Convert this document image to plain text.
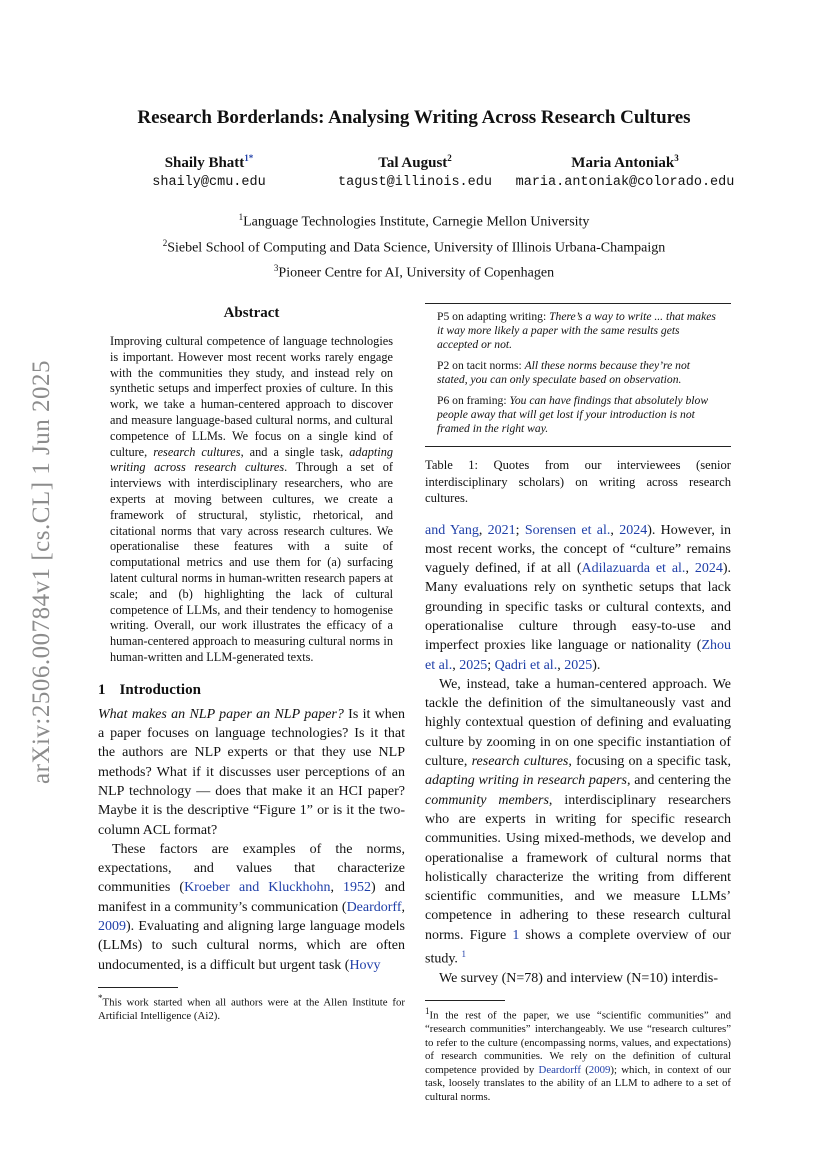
arXiv:2506.00784v1 [cs.CL] 1 Jun 2025
Research Borderlands: Analysing Writing Across Research Cultures
Shaily Bhatt$^{1*}$
shaily@cmu.edu
Tal August$^2$
tagust@illinois.edu
Maria Antoniak$^3$
maria.antoniak@colorado.edu
$^1$Language Technologies Institute, Carnegie Mellon University
$^2$Siebel School of Computing and Data Science, University of Illinois Urbana-Champaign
$^3$Pioneer Centre for AI, University of Copenhagen
Abstract
Improving cultural competence of language technologies is important. However most recent works rarely engage with the communities they study, and instead rely on synthetic setups and imperfect proxies of culture. In this work, we take a human-centered approach to discover and measure language-based cultural norms, and cultural competence of LLMs. We focus on a single kind of culture, research cultures, and a single task, adapting writing across research cultures. Through a set of interviews with interdisciplinary researchers, who are experts at moving between cultures, we create a framework of structural, stylistic, rhetorical, and citational norms that vary across research cultures. We operationalise these features with a suite of computational metrics and use them for (a) surfacing latent cultural norms in human-written research papers at scale; and (b) highlighting the lack of cultural competence of LLMs, and their tendency to homogenise writing. Overall, our work illustrates the efficacy of a human-centered approach to measuring cultural norms in human-written and LLM-generated texts.
1 Introduction

What makes an NLP paper an NLP paper? Is it when a paper focuses on language technologies? Is it that the authors are NLP experts or that they use NLP methods? What if it discusses user perceptions of an NLP technology — does that make it an HCI paper? Maybe it is the descriptive “Figure 1” or is it the two-column ACL format?

These factors are examples of the norms, expectations, and values that characterize communities (Kroeber and Kluckhohn, 1952) and manifest in a community’s communication (Deardorff, 2009). Evaluating and aligning large language models (LLMs) to such cultural norms, which are often undocumented, is a difficult but urgent task (Hovy

*This work started when all authors were at the Allen Institute for Artificial Intelligence (Ai2).

P5 on adapting writing: There’s a way to write ... that makes it way more likely a paper with the same results gets accepted or not.

P2 on tacit norms: All these norms because they’re not stated, you can only speculate based on observation.

P6 on framing: You can have findings that absolutely blow people away that will get lost if your introduction is not framed in the right way.

Table 1: Quotes from our interviewees (senior interdisciplinary scholars) on writing across research cultures.

and Yang, 2021; Sorensen et al., 2024). However, in most recent works, the concept of “culture” remains vaguely defined, if at all (Adilazuarda et al., 2024). Many evaluations rely on synthetic setups that lack grounding in specific tasks or cultural contexts, and operationalise culture through easy-to-use and imperfect proxies like language or nationality (Zhou et al., 2025; Qadri et al., 2025).

We, instead, take a human-centered approach. We tackle the definition of the simultaneously vast and highly contextual question of defining and evaluating culture by zooming in on one specific instantiation of culture, research cultures, focusing on a specific task, adapting writing in research papers, and centering the community members, interdisciplinary researchers who are experts in writing for specific research communities. Using mixed-methods, we develop and operationalise a framework of cultural norms that holistically characterize the writing from different scientific communities, and we measure LLMs’ competence in adhering to these research cultural norms. Figure 1 shows a complete overview of our study. $^1$

We survey (N=78) and interview (N=10) interdis-

$^1$In the rest of the paper, we use “scientific communities” and “research communities” interchangeably. We use “research cultures” to refer to the culture (encompassing norms, values, and expectations) of research communities. We rely on the definition of cultural competence provided by Deardorff (2009); which, in context of our task, loosely translates to the ability of an LLM to adhere to a set of cultural norms.
